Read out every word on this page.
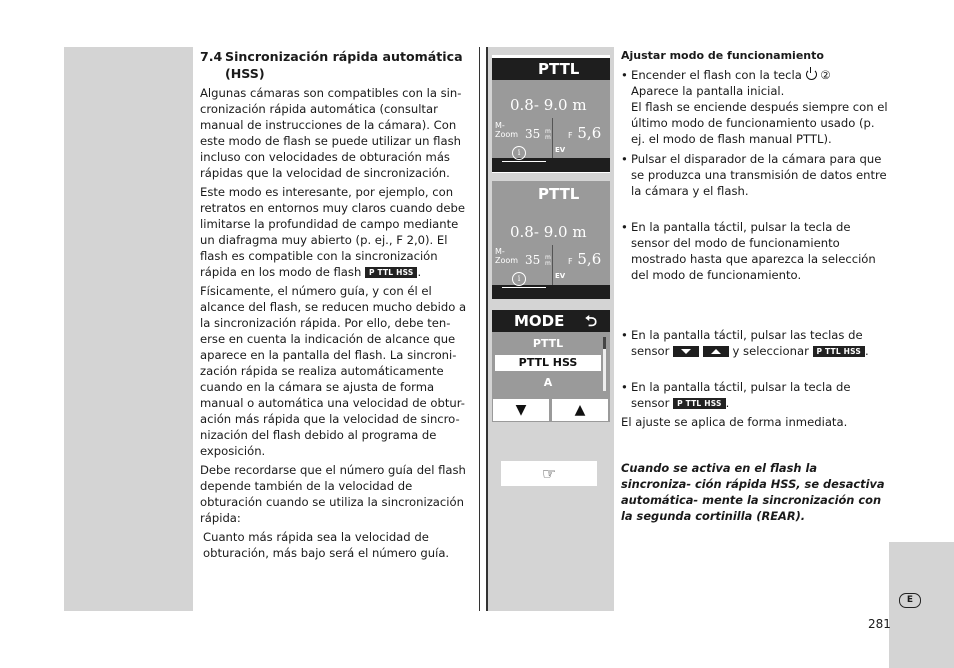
7.4 Sincronización rápida automática
(HSS)

Algunas cámaras son compatibles con la sin- cronización rápida automática (consultar manual de instrucciones de la cámara). Con este modo de flash se puede utilizar un flash incluso con velocidades de obturación más rápidas que la velocidad de sincronización.

Este modo es interesante, por ejemplo, con retratos en entornos muy claros cuando debe limitarse la profundidad de campo mediante un diafragma muy abierto (p. ej., F 2,0). El flash es compatible con la sincronización rápida en los modo de flash P TTL HSS .

Físicamente, el número guía, y con él el alcance del flash, se reducen mucho debido a la sincronización rápida. Por ello, debe ten- erse en cuenta la indicación de alcance que aparece en la pantalla del flash. La sincroni- zación rápida se realiza automáticamente cuando en la cámara se ajusta de forma manual o automática una velocidad de obtur- ación más rápida que la velocidad de sincro- nización del flash debido al programa de exposición.

Debe recordarse que el número guía del flash depende también de la velocidad de obturación cuando se utiliza la sincronización rápida:

Cuanto más rápida sea la velocidad de obturación, más bajo será el número guía.

PTTL
0.8- 9.0 m
M-
Zoom 35 m
m F 5,6
EV
i
PTTL
0.8- 9.0 m
M-
Zoom 35 m
m F 5,6
EV
i
MODE ⮌
PTTL
PTTL HSS
A
▼	▲
☞
Ajustar modo de funcionamiento
• Encender el flash con la tecla ②
Aparece la pantalla inicial.
El flash se enciende después siempre con el último modo de funcionamiento usado (p. ej. el modo de flash manual PTTL).
• Pulsar el disparador de la cámara para que se produzca una transmisión de datos entre la cámara y el flash.
• En la pantalla táctil, pulsar la tecla de sensor del modo de funcionamiento mostrado hasta que aparezca la selección del modo de funcionamiento.
• En la pantalla táctil, pulsar las teclas de sensor
	y seleccionar P TTL HSS .
• En la pantalla táctil, pulsar la tecla de sensor P TTL HSS .
El ajuste se aplica de forma inmediata.
Cuando se activa en el flash la sincroniza- ción rápida HSS, se desactiva automática- mente la sincronización con la segunda cortinilla (REAR).
E
281
